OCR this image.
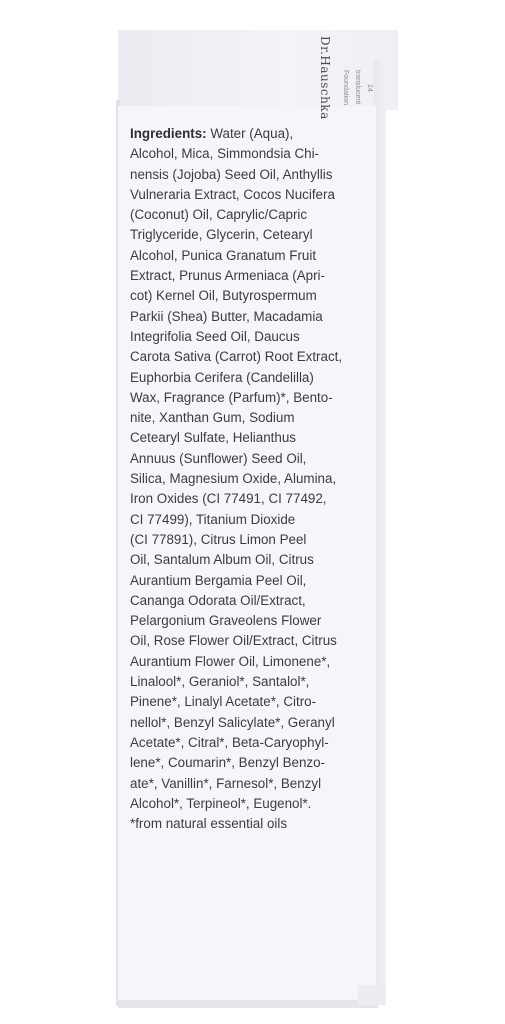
Dr.Hauschka Foundation translucent 14
Ingredients: Water (Aqua),
Alcohol, Mica, Simmondsia Chi-
nensis (Jojoba) Seed Oil, Anthyllis
Vulneraria Extract, Cocos Nucifera
(Coconut) Oil, Caprylic/Capric
Triglyceride, Glycerin, Cetearyl
Alcohol, Punica Granatum Fruit
Extract, Prunus Armeniaca (Apri-
cot) Kernel Oil, Butyrospermum
Parkii (Shea) Butter, Macadamia
Integrifolia Seed Oil, Daucus
Carota Sativa (Carrot) Root Extract,
Euphorbia Cerifera (Candelilla)
Wax, Fragrance (Parfum)*, Bento-
nite, Xanthan Gum, Sodium
Cetearyl Sulfate, Helianthus
Annuus (Sunflower) Seed Oil,
Silica, Magnesium Oxide, Alumina,
Iron Oxides (CI 77491, CI 77492,
CI 77499), Titanium Dioxide
(CI 77891), Citrus Limon Peel
Oil, Santalum Album Oil, Citrus
Aurantium Bergamia Peel Oil,
Cananga Odorata Oil/Extract,
Pelargonium Graveolens Flower
Oil, Rose Flower Oil/Extract, Citrus
Aurantium Flower Oil, Limonene*,
Linalool*, Geraniol*, Santalol*,
Pinene*, Linalyl Acetate*, Citro-
nellol*, Benzyl Salicylate*, Geranyl
Acetate*, Citral*, Beta-Caryophyl-
lene*, Coumarin*, Benzyl Benzo-
ate*, Vanillin*, Farnesol*, Benzyl
Alcohol*, Terpineol*, Eugenol*.
*from natural essential oils
